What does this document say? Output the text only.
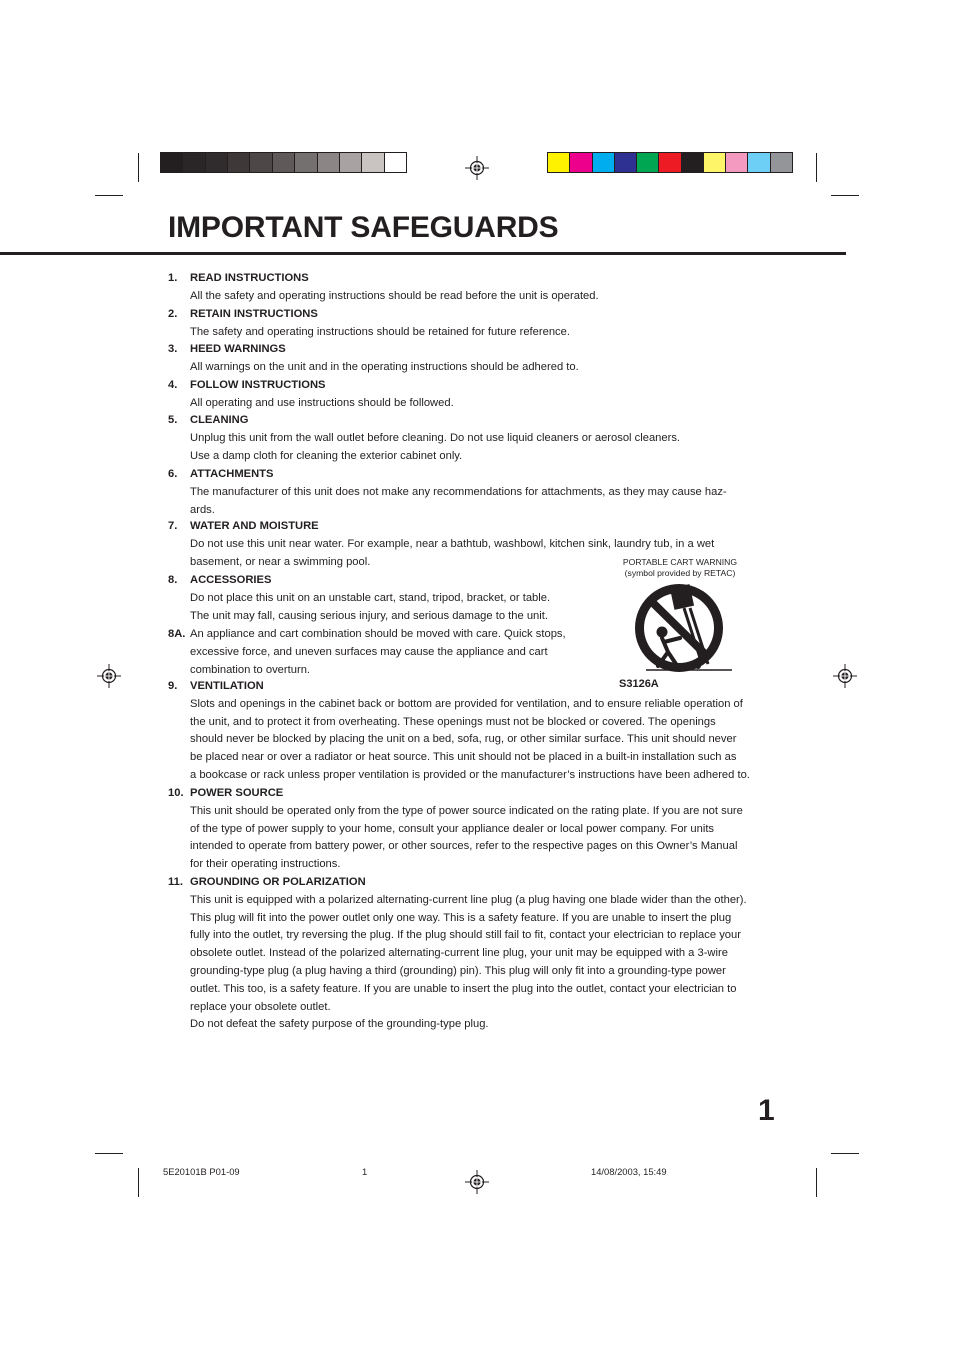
IMPORTANT SAFEGUARDS
1. READ INSTRUCTIONS
All the safety and operating instructions should be read before the unit is operated.
2. RETAIN INSTRUCTIONS
The safety and operating instructions should be retained for future reference.
3. HEED WARNINGS
All warnings on the unit and in the operating instructions should be adhered to.
4. FOLLOW INSTRUCTIONS
All operating and use instructions should be followed.
5. CLEANING
Unplug this unit from the wall outlet before cleaning. Do not use liquid cleaners or aerosol cleaners.
Use a damp cloth for cleaning the exterior cabinet only.
6. ATTACHMENTS
The manufacturer of this unit does not make any recommendations for attachments, as they may cause haz-
ards.
7. WATER AND MOISTURE
Do not use this unit near water. For example, near a bathtub, washbowl, kitchen sink, laundry tub, in a wet
basement, or near a swimming pool.
8. ACCESSORIES
Do not place this unit on an unstable cart, stand, tripod, bracket, or table.
The unit may fall, causing serious injury, and serious damage to the unit.
8A. An appliance and cart combination should be moved with care. Quick stops,
excessive force, and uneven surfaces may cause the appliance and cart
combination to overturn.
9. VENTILATION
Slots and openings in the cabinet back or bottom are provided for ventilation, and to ensure reliable operation of
the unit, and to protect it from overheating. These openings must not be blocked or covered. The openings
should never be blocked by placing the unit on a bed, sofa, rug, or other similar surface. This unit should never
be placed near or over a radiator or heat source. This unit should not be placed in a built-in installation such as
a bookcase or rack unless proper ventilation is provided or the manufacturer’s instructions have been adhered to.
10. POWER SOURCE
This unit should be operated only from the type of power source indicated on the rating plate. If you are not sure
of the type of power supply to your home, consult your appliance dealer or local power company. For units
intended to operate from battery power, or other sources, refer to the respective pages on this Owner’s Manual
for their operating instructions.
11. GROUNDING OR POLARIZATION
This unit is equipped with a polarized alternating-current line plug (a plug having one blade wider than the other).
This plug will fit into the power outlet only one way. This is a safety feature. If you are unable to insert the plug
fully into the outlet, try reversing the plug. If the plug should still fail to fit, contact your electrician to replace your
obsolete outlet. Instead of the polarized alternating-current line plug, your unit may be equipped with a 3-wire
grounding-type plug (a plug having a third (grounding) pin). This plug will only fit into a grounding-type power
outlet. This too, is a safety feature. If you are unable to insert the plug into the outlet, contact your electrician to
replace your obsolete outlet.
Do not defeat the safety purpose of the grounding-type plug.
PORTABLE CART WARNING
(symbol provided by RETAC)
S3126A
1
5E20101B P01-09	1	14/08/2003, 15:49
